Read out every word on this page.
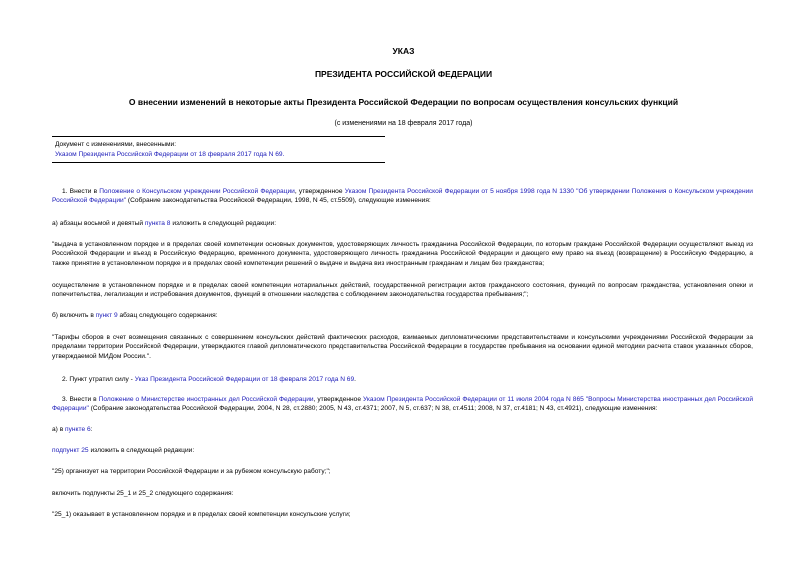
УКАЗ
ПРЕЗИДЕНТА РОССИЙСКОЙ ФЕДЕРАЦИИ
О внесении изменений в некоторые акты Президента Российской Федерации по вопросам осуществления консульских функций
(с изменениями на 18 февраля 2017 года)
Документ с изменениями, внесенными:
Указом Президента Российской Федерации от 18 февраля 2017 года N 69.
1. Внести в Положение о Консульском учреждении Российской Федерации, утвержденное Указом Президента Российской Федерации от 5 ноября 1998 года N 1330 "Об утверждении Положения о Консульском учреждении Российской Федерации" (Собрание законодательства Российской Федерации, 1998, N 45, ст.5509), следующие изменения:
а) абзацы восьмой и девятый пункта 8 изложить в следующей редакции:
"выдача в установленном порядке и в пределах своей компетенции основных документов, удостоверяющих личность гражданина Российской Федерации, по которым граждане Российской Федерации осуществляют выезд из Российской Федерации и въезд в Российскую Федерацию, временного документа, удостоверяющего личность гражданина Российской Федерации и дающего ему право на въезд (возвращение) в Российскую Федерацию, а также принятие в установленном порядке и в пределах своей компетенции решений о выдаче и выдача виз иностранным гражданам и лицам без гражданства;
осуществление в установленном порядке и в пределах своей компетенции нотариальных действий, государственной регистрации актов гражданского состояния, функций по вопросам гражданства, установления опеки и попечительства, легализации и истребования документов, функций в отношении наследства с соблюдением законодательства государства пребывания;";
б) включить в пункт 9 абзац следующего содержания:
"Тарифы сборов в счет возмещения связанных с совершением консульских действий фактических расходов, взимаемых дипломатическими представительствами и консульскими учреждениями Российской Федерации за пределами территории Российской Федерации, утверждаются главой дипломатического представительства Российской Федерации в государстве пребывания на основании единой методики расчета ставок указанных сборов, утверждаемой МИДом России.".
2. Пункт утратил силу - Указ Президента Российской Федерации от 18 февраля 2017 года N 69.
3. Внести в Положение о Министерстве иностранных дел Российской Федерации, утвержденное Указом Президента Российской Федерации от 11 июля 2004 года N 865 "Вопросы Министерства иностранных дел Российской Федерации" (Собрание законодательства Российской Федерации, 2004, N 28, ст.2880; 2005, N 43, ст.4371; 2007, N 5, ст.637; N 38, ст.4511; 2008, N 37, ст.4181; N 43, ст.4921), следующие изменения:
а) в пункте 6:
подпункт 25 изложить в следующей редакции:
"25) организует на территории Российской Федерации и за рубежом консульскую работу;";
включить подпункты 25_1 и 25_2 следующего содержания:
"25_1) оказывает в установленном порядке и в пределах своей компетенции консульские услуги;
